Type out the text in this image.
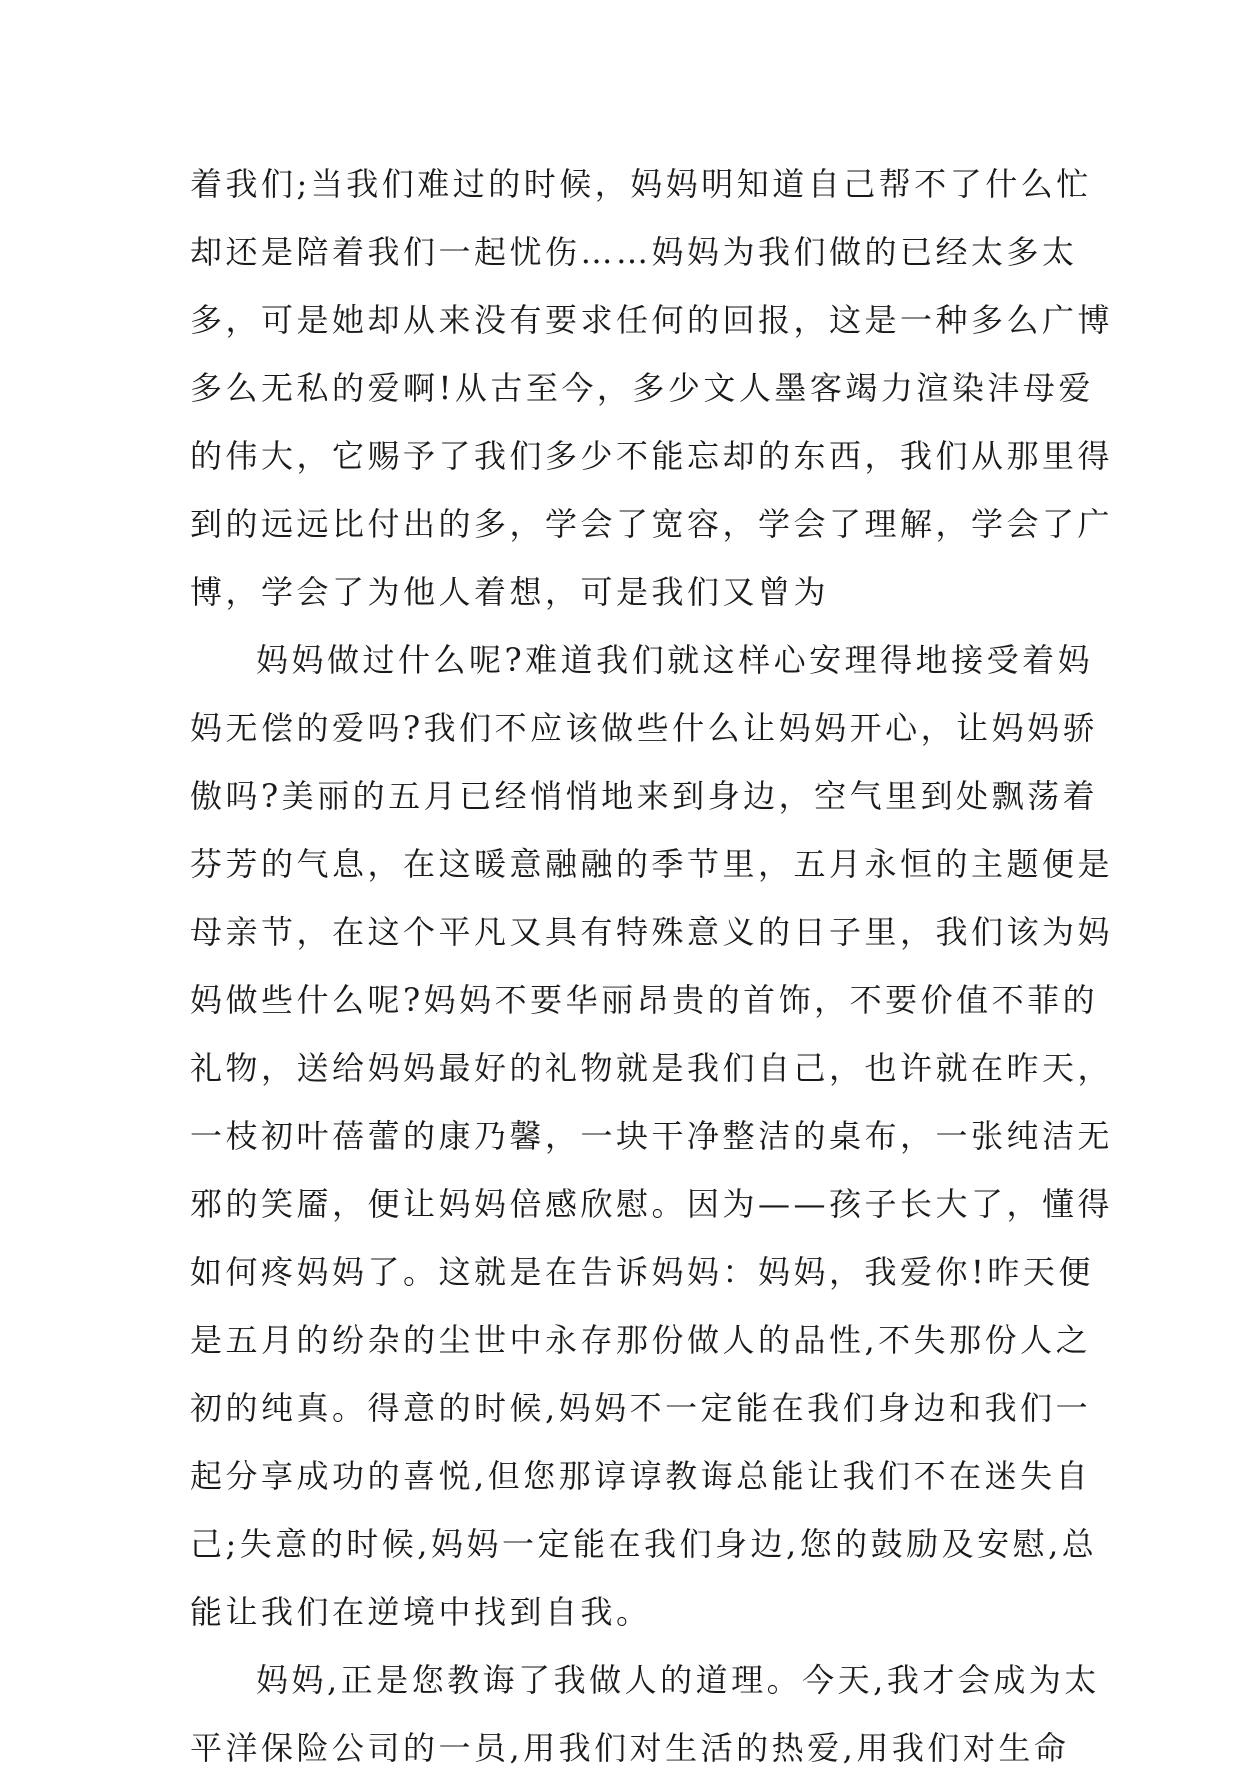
着我们;当我们难过的时候，妈妈明知道自己帮不了什么忙
却还是陪着我们一起忧伤……妈妈为我们做的已经太多太
多，可是她却从来没有要求任何的回报，这是一种多么广博
多么无私的爱啊!从古至今，多少文人墨客竭力渲染沣母爱
的伟大，它赐予了我们多少不能忘却的东西，我们从那里得
到的远远比付出的多，学会了宽容，学会了理解，学会了广
博，学会了为他人着想，可是我们又曾为
妈妈做过什么呢?难道我们就这样心安理得地接受着妈
妈无偿的爱吗?我们不应该做些什么让妈妈开心，让妈妈骄
傲吗?美丽的五月已经悄悄地来到身边，空气里到处飘荡着
芬芳的气息，在这暖意融融的季节里，五月永恒的主题便是
母亲节，在这个平凡又具有特殊意义的日子里，我们该为妈
妈做些什么呢?妈妈不要华丽昂贵的首饰，不要价值不菲的
礼物，送给妈妈最好的礼物就是我们自己，也许就在昨天，
一枝初叶蓓蕾的康乃馨，一块干净整洁的桌布，一张纯洁无
邪的笑靥，便让妈妈倍感欣慰。因为——孩子长大了，懂得
如何疼妈妈了。这就是在告诉妈妈：妈妈，我爱你!昨天便
是五月的纷杂的尘世中永存那份做人的品性,不失那份人之
初的纯真。得意的时候,妈妈不一定能在我们身边和我们一
起分享成功的喜悦,但您那谆谆教诲总能让我们不在迷失自
己;失意的时候,妈妈一定能在我们身边,您的鼓励及安慰,总
能让我们在逆境中找到自我。
妈妈,正是您教诲了我做人的道理。今天,我才会成为太
平洋保险公司的一员,用我们对生活的热爱,用我们对生命
